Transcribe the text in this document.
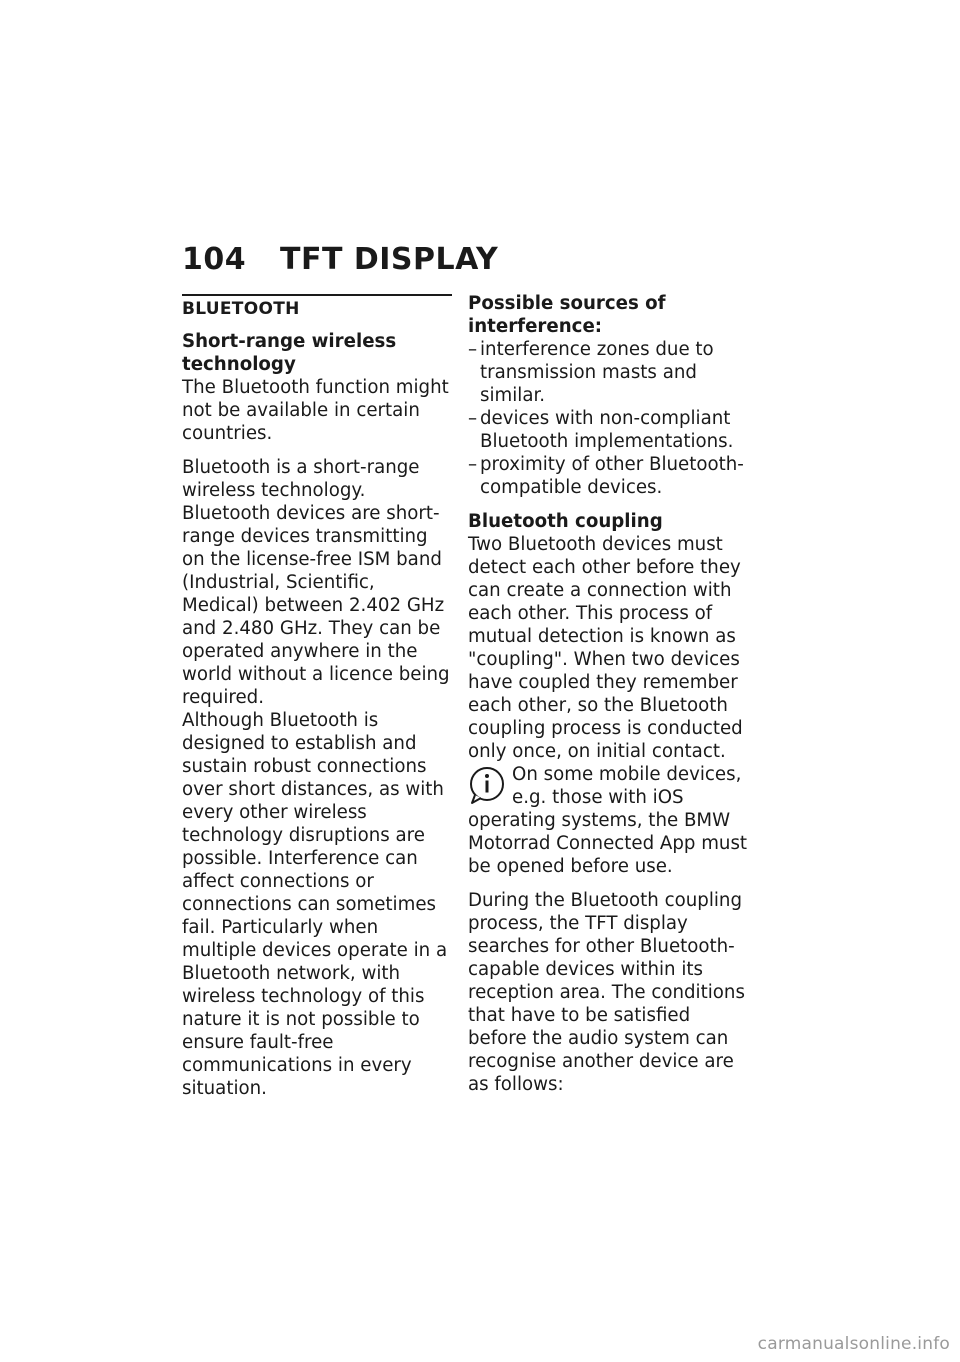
104 TFT DISPLAY
BLUETOOTH

Short-range wireless technology

The Bluetooth function might not be available in certain countries.

Bluetooth is a short-range wireless technology. Bluetooth devices are short-range devices transmitting on the license-free ISM band (Industrial, Scientific, Medical) between 2.402 GHz and 2.480 GHz. They can be operated anywhere in the world without a licence being required.

Although Bluetooth is designed to establish and sustain robust connections over short distances, as with every other wireless technology disruptions are possible. Interference can affect connections or connections can sometimes fail. Particularly when multiple devices operate in a Bluetooth network, with wireless technology of this nature it is not possible to ensure fault-free communications in every situation.

Possible sources of interference:

– interference zones due to transmission masts and similar.
– devices with non-compliant Bluetooth implementations.
– proximity of other Bluetooth-compatible devices.

Bluetooth coupling

Two Bluetooth devices must detect each other before they can create a connection with each other. This process of mutual detection is known as "coupling". When two devices have coupled they remember each other, so the Bluetooth coupling process is conducted only once, on initial contact.

On some mobile devices, e.g. those with iOS operating systems, the BMW Motorrad Connected App must be opened before use.

During the Bluetooth coupling process, the TFT display searches for other Bluetooth-capable devices within its reception area. The conditions that have to be satisfied before the audio system can recognise another device are as follows:

carmanualsonline.info
